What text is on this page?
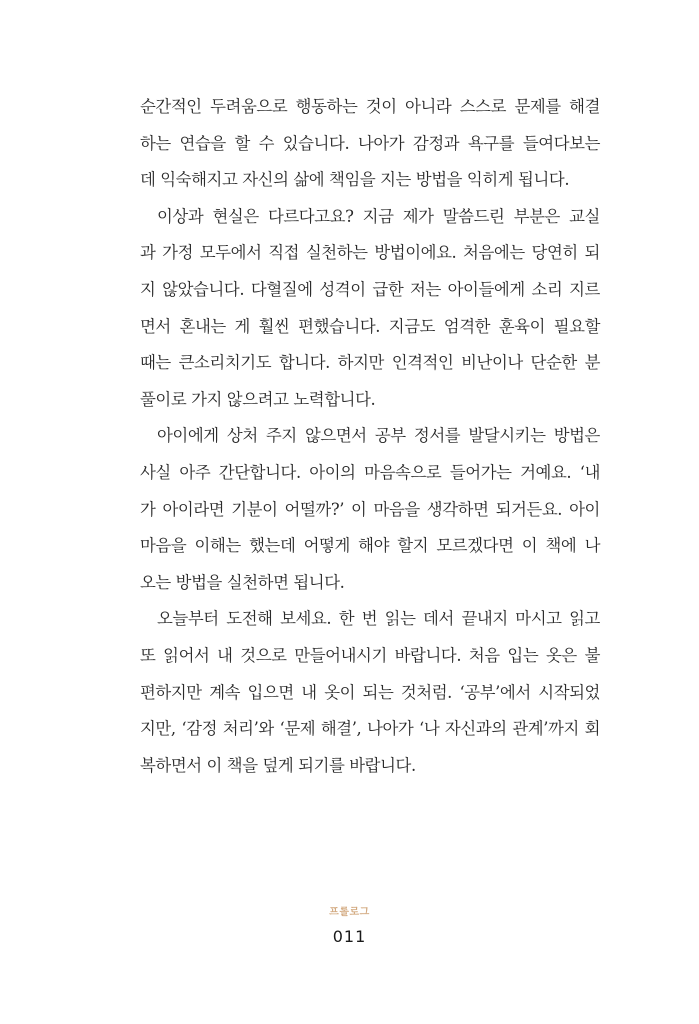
순간적인 두려움으로 행동하는 것이 아니라 스스로 문제를 해결
하는 연습을 할 수 있습니다. 나아가 감정과 욕구를 들여다보는
데 익숙해지고 자신의 삶에 책임을 지는 방법을 익히게 됩니다.
이상과 현실은 다르다고요? 지금 제가 말씀드린 부분은 교실
과 가정 모두에서 직접 실천하는 방법이에요. 처음에는 당연히 되
지 않았습니다. 다혈질에 성격이 급한 저는 아이들에게 소리 지르
면서 혼내는 게 훨씬 편했습니다. 지금도 엄격한 훈육이 필요할
때는 큰소리치기도 합니다. 하지만 인격적인 비난이나 단순한 분
풀이로 가지 않으려고 노력합니다.
아이에게 상처 주지 않으면서 공부 정서를 발달시키는 방법은
사실 아주 간단합니다. 아이의 마음속으로 들어가는 거예요. ‘내
가 아이라면 기분이 어떨까?’ 이 마음을 생각하면 되거든요. 아이
마음을 이해는 했는데 어떻게 해야 할지 모르겠다면 이 책에 나
오는 방법을 실천하면 됩니다.
오늘부터 도전해 보세요. 한 번 읽는 데서 끝내지 마시고 읽고
또 읽어서 내 것으로 만들어내시기 바랍니다. 처음 입는 옷은 불
편하지만 계속 입으면 내 옷이 되는 것처럼. ‘공부’에서 시작되었
지만, ‘감정 처리’와 ‘문제 해결’, 나아가 ‘나 자신과의 관계’까지 회
복하면서 이 책을 덮게 되기를 바랍니다.
프롤로그
011
